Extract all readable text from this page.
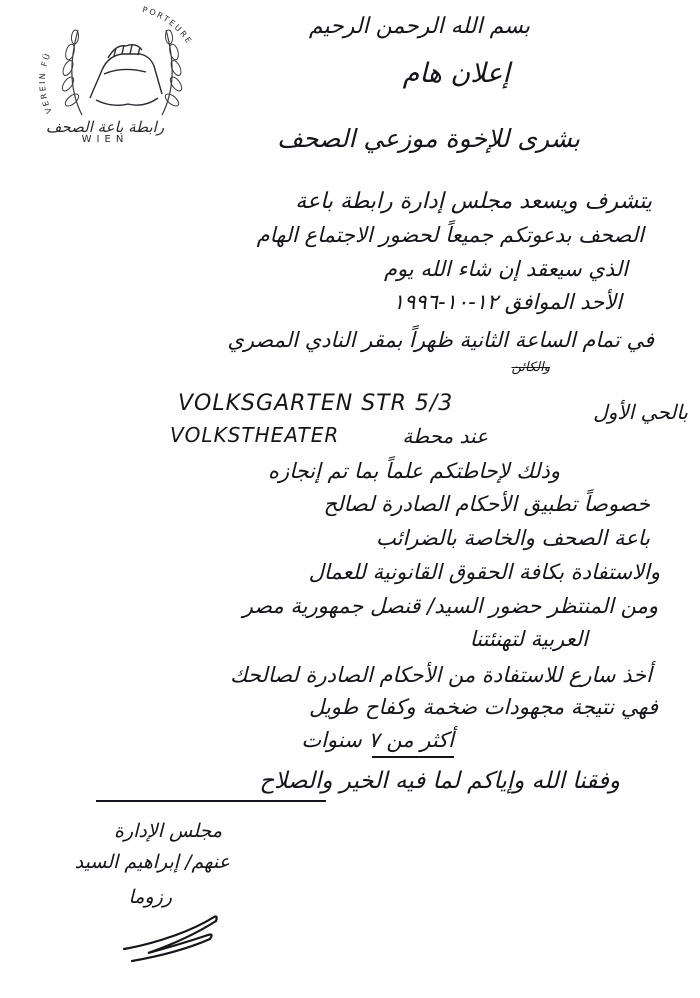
VEREIN FÜ
PORTEURE
رابطة باعة الصحف
WIEN
بسم الله الرحمن الرحيم
إعلان هام
بشرى للإخوة موزعي الصحف
يتشرف ويسعد مجلس إدارة رابطة باعة
الصحف بدعوتكم جميعاً لحضور الاجتماع الهام
الذي سيعقد إن شاء الله يوم
الأحد الموافق ١٢-١٠-١٩٩٦
في تمام الساعة الثانية ظهراً بمقر النادي المصري
والكائن
بالحي الأول
VOLKSGARTEN STR 5/3
عند محطة
VOLKSTHEATER
وذلك لإحاطتكم علماً بما تم إنجازه
خصوصاً تطبيق الأحكام الصادرة لصالح
باعة الصحف والخاصة بالضرائب
والاستفادة بكافة الحقوق القانونية للعمال
ومن المنتظر حضور السيد/ قنصل جمهورية مصر
العربية لتهنئتنا
أخذ سارع للاستفادة من الأحكام الصادرة لصالحك
فهي نتيجة مجهودات ضخمة وكفاح طويل
أكثر من ٧ سنوات
وفقنا الله وإياكم لما فيه الخير والصلاح
مجلس الإدارة
عنهم/ إبراهيم السيد
رزوما
